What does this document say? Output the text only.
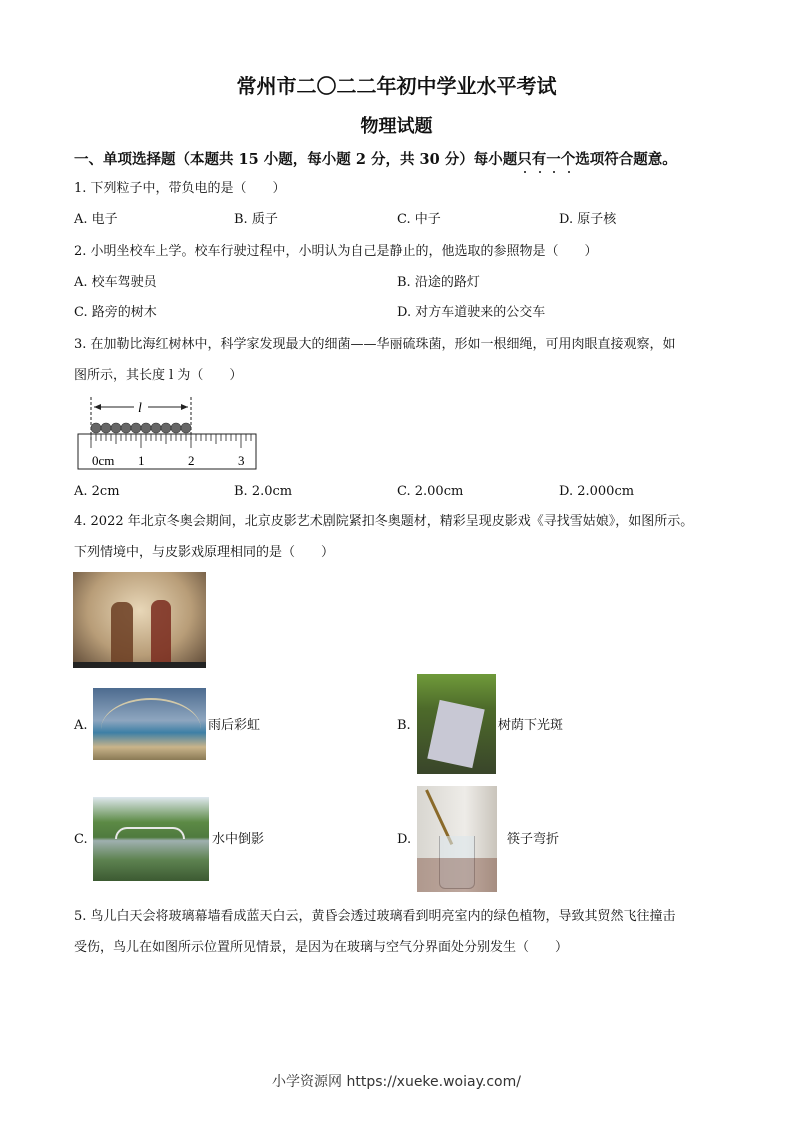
常州市二〇二二年初中学业水平考试
物理试题
一、单项选择题（本题共 15 小题，每小题 2 分，共 30 分）每小题只有一个选项符合题意。
1. 下列粒子中，带负电的是（　　）
A. 电子	B. 质子	C. 中子	D. 原子核
2. 小明坐校车上学。校车行驶过程中，小明认为自己是静止的，他选取的参照物是（　　）
A. 校车驾驶员	B. 沿途的路灯
C. 路旁的树木	D. 对方车道驶来的公交车
3. 在加勒比海红树林中，科学家发现最大的细菌——华丽硫珠菌，形如一根细绳，可用肉眼直接观察，如
图所示，其长度 l 为（　　）
0cm 1	2	3
l
A. 2cm	B. 2.0cm	C. 2.00cm	D. 2.000cm
4. 2022 年北京冬奥会期间，北京皮影艺术剧院紧扣冬奥题材，精彩呈现皮影戏《寻找雪姑娘》，如图所示。
下列情境中，与皮影戏原理相同的是（　　）
A.	雨后彩虹	B.	树荫下光斑
C.	水中倒影	D.	筷子弯折
5. 鸟儿白天会将玻璃幕墙看成蓝天白云，黄昏会透过玻璃看到明亮室内的绿色植物，导致其贸然飞往撞击
受伤，鸟儿在如图所示位置所见情景，是因为在玻璃与空气分界面处分别发生（　　）
小学资源网 https://xueke.woiay.com/
